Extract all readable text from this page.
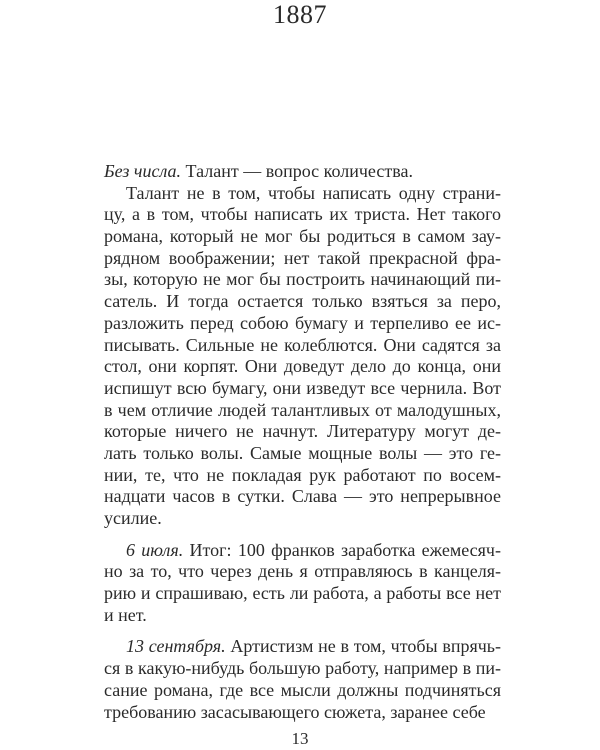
1887
Без числа. Талант — вопрос количества.
Талант не в том, чтобы написать одну страни-
цу, а в том, чтобы написать их триста. Нет такого
романа, который не мог бы родиться в самом зау-
рядном воображении; нет такой прекрасной фра-
зы, которую не мог бы построить начинающий пи-
сатель. И тогда остается только взяться за перо,
разложить перед собою бумагу и терпеливо ее ис-
писывать. Сильные не колеблются. Они садятся за
стол, они корпят. Они доведут дело до конца, они
испишут всю бумагу, они изведут все чернила. Вот
в чем отличие людей талантливых от малодушных,
которые ничего не начнут. Литературу могут де-
лать только волы. Самые мощные волы — это ге-
нии, те, что не покладая рук работают по восем-
надцати часов в сутки. Слава — это непрерывное
усилие.
6 июля. Итог: 100 франков заработка ежемесяч-
но за то, что через день я отправляюсь в канцеля-
рию и спрашиваю, есть ли работа, а работы все нет
и нет.
13 сентября. Артистизм не в том, чтобы впрячь-
ся в какую-нибудь большую работу, например в пи-
сание романа, где все мысли должны подчиняться
требованию засасывающего сюжета, заранее себе
13
